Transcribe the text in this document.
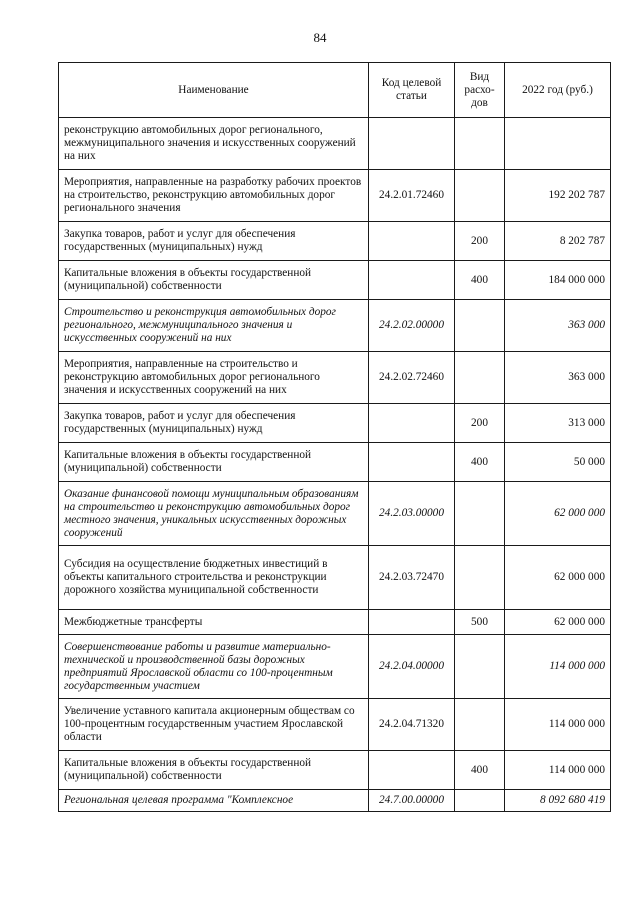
84
Наименование	Код целевой статьи	Вид расхо-дов	2022 год (руб.)
реконструкцию автомобильных дорог регионального, межмуниципального значения и искусственных сооружений на них			
Мероприятия, направленные на разработку рабочих проектов на строительство, реконструкцию автомобильных дорог регионального значения	24.2.01.72460		192 202 787
Закупка товаров, работ и услуг для обеспечения государственных (муниципальных) нужд		200	8 202 787
Капитальные вложения в объекты государственной (муниципальной) собственности		400	184 000 000
Строительство и реконструкция автомобильных дорог регионального, межмуниципального значения и искусственных сооружений на них	24.2.02.00000		363 000
Мероприятия, направленные на строительство и реконструкцию автомобильных дорог регионального значения и искусственных сооружений на них	24.2.02.72460		363 000
Закупка товаров, работ и услуг для обеспечения государственных (муниципальных) нужд		200	313 000
Капитальные вложения в объекты государственной (муниципальной) собственности		400	50 000
Оказание финансовой помощи муниципальным образованиям на строительство и реконструкцию автомобильных дорог местного значения, уникальных искусственных дорожных сооружений	24.2.03.00000		62 000 000
Субсидия на осуществление бюджетных инвестиций в объекты капитального строительства и реконструкции дорожного хозяйства муниципальной собственности	24.2.03.72470		62 000 000
Межбюджетные трансферты		500	62 000 000
Совершенствование работы и развитие материально-технической и производственной базы дорожных предприятий Ярославской области со 100-процентным государственным участием	24.2.04.00000		114 000 000
Увеличение уставного капитала акционерным обществам со 100-процентным государственным участием Ярославской области	24.2.04.71320		114 000 000
Капитальные вложения в объекты государственной (муниципальной) собственности		400	114 000 000
Региональная целевая программа "Комплексное	24.7.00.00000		8 092 680 419
